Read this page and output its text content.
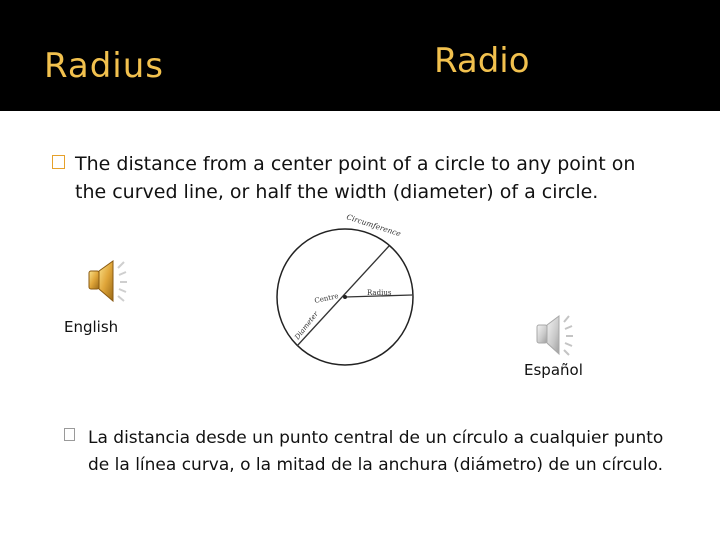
Radius	Radio
The distance from a center point of a circle to any point on
the curved line, or half the width (diameter) of a circle.
English
Circumference
Centre	Radius
Diameter
Español
La distancia desde un punto central de un círculo a cualquier punto
de la línea curva, o la mitad de la anchura (diámetro) de un círculo.
